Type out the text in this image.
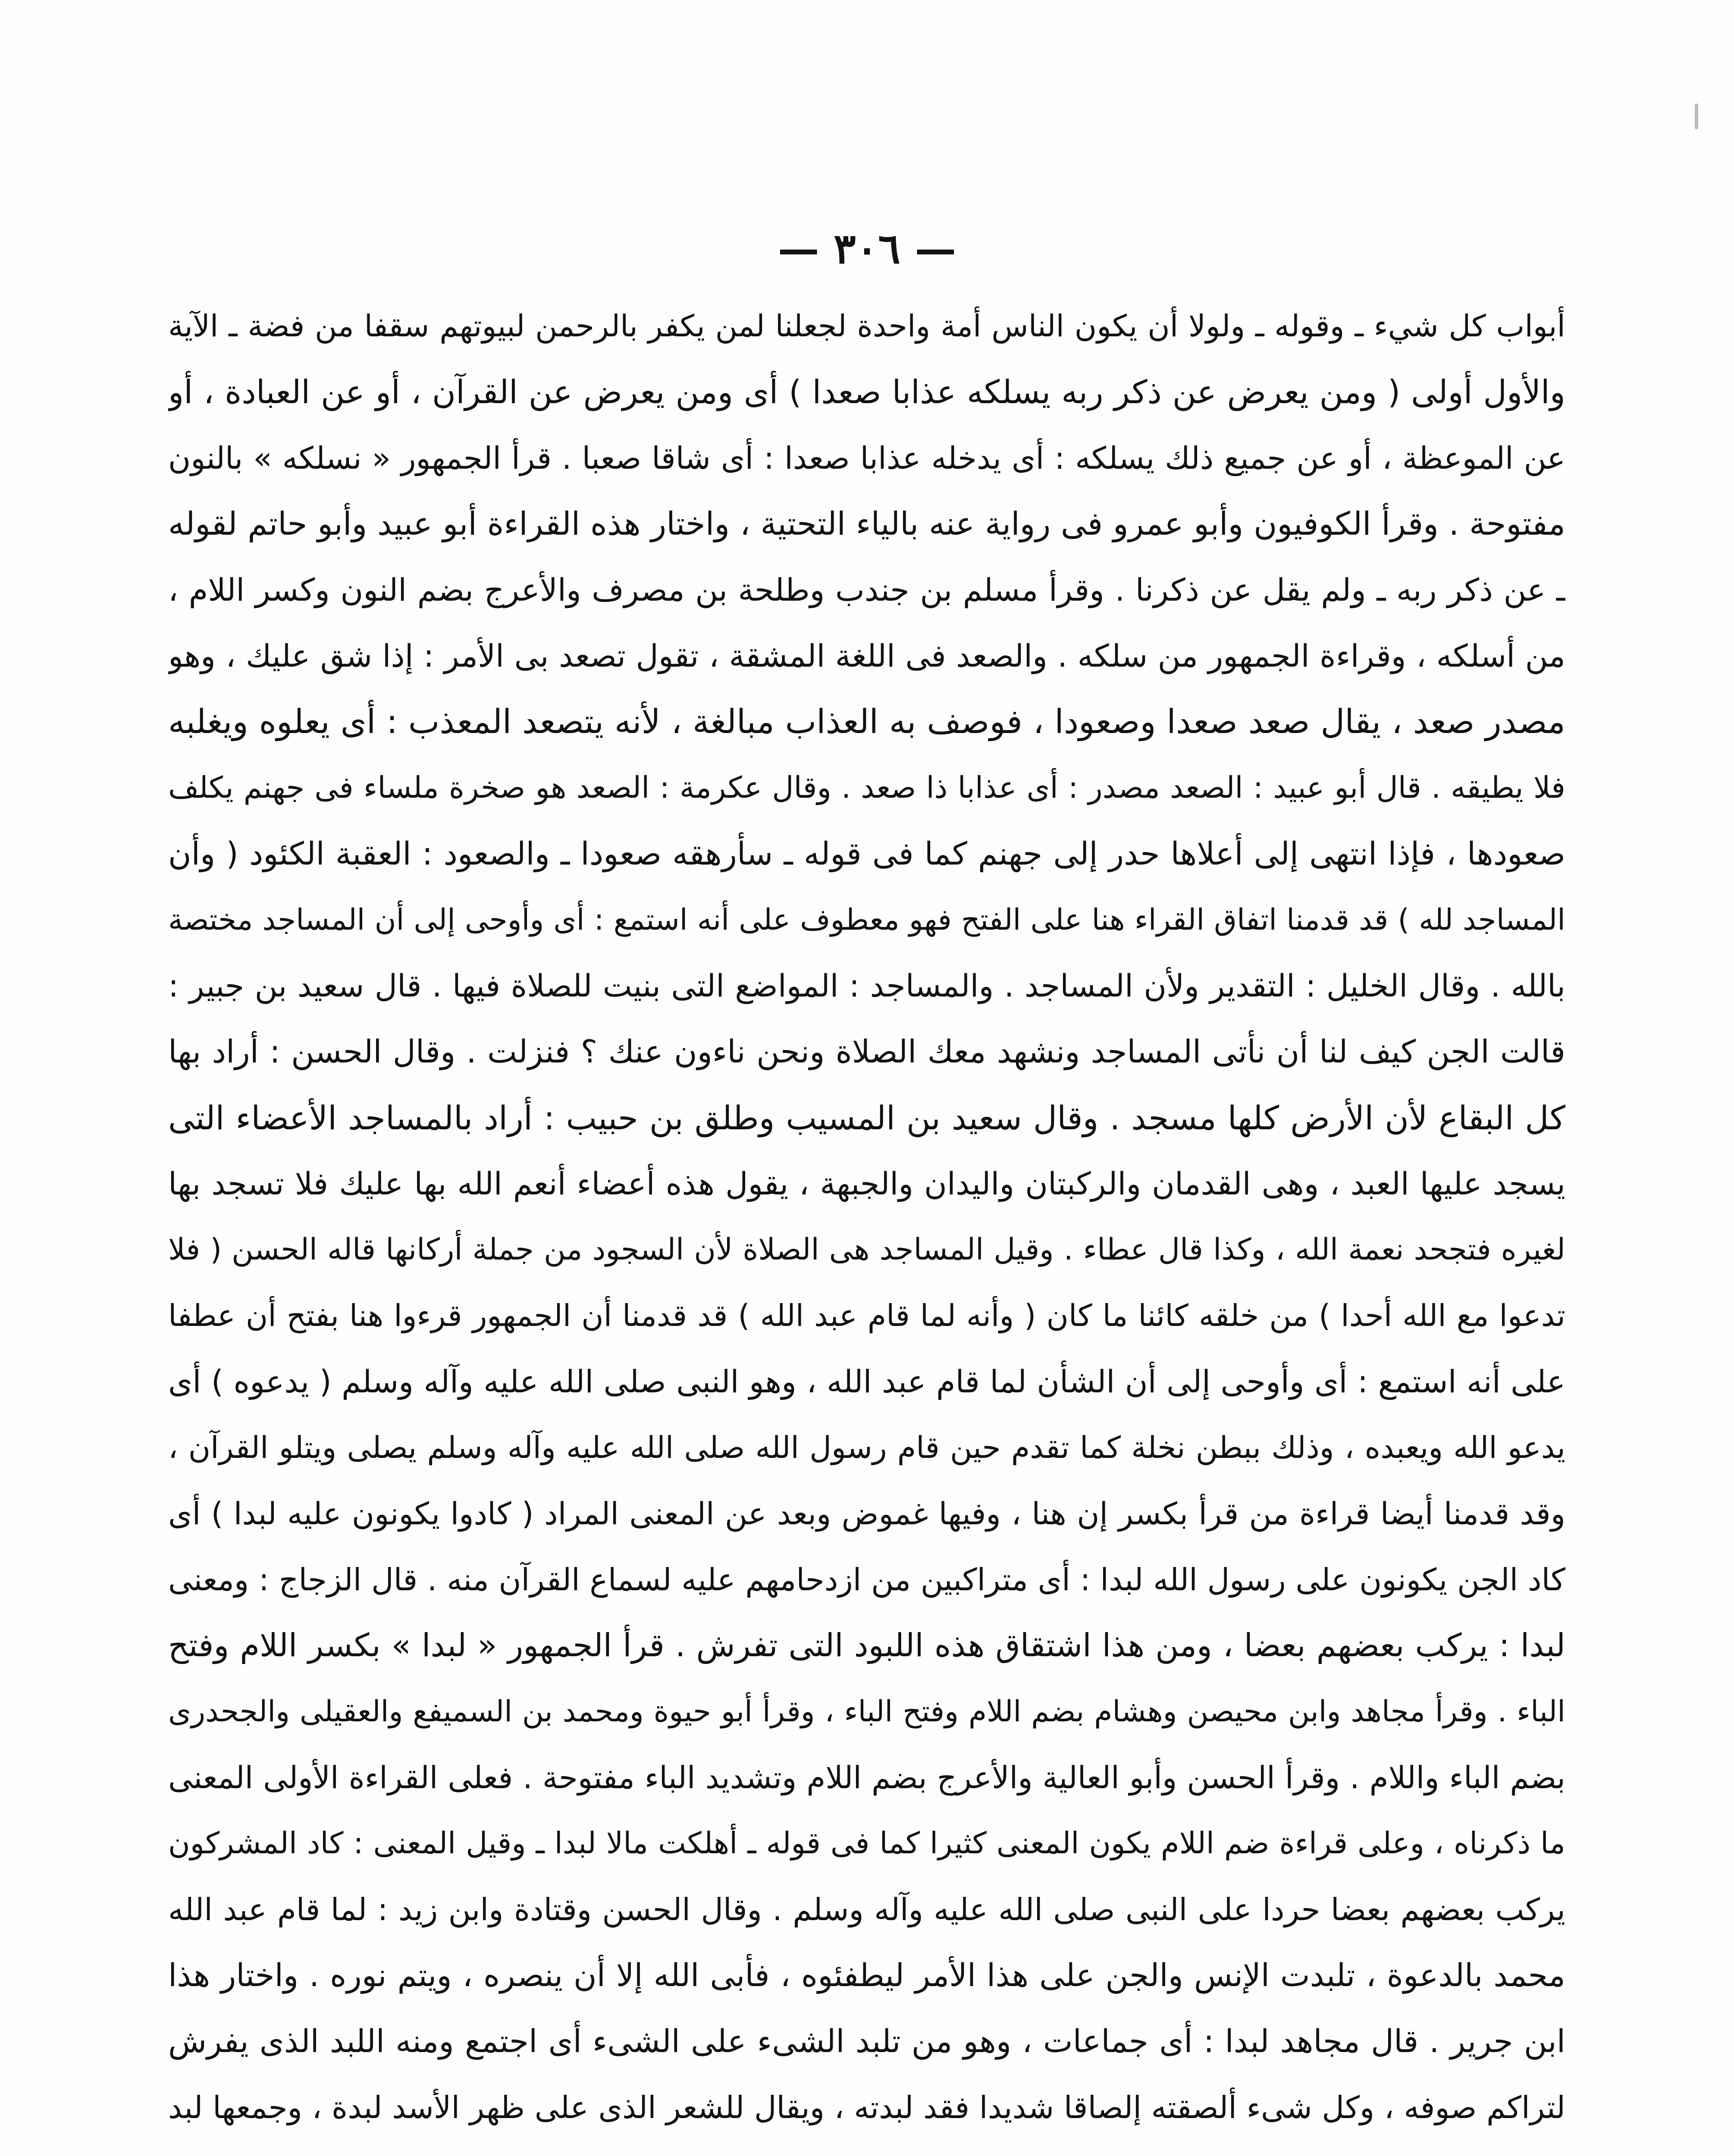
— ٣٠٦ —
أبواب كل شيء ـ وقوله ـ ولولا أن يكون الناس أمة واحدة لجعلنا لمن يكفر بالرحمن لبيوتهم سقفا من فضة ـ الآية
والأول أولى ( ومن يعرض عن ذكر ربه يسلكه عذابا صعدا ) أى ومن يعرض عن القرآن ، أو عن العبادة ، أو
عن الموعظة ، أو عن جميع ذلك يسلكه : أى يدخله عذابا صعدا : أى شاقا صعبا . قرأ الجمهور « نسلكه » بالنون
مفتوحة . وقرأ الكوفيون وأبو عمرو فى رواية عنه بالياء التحتية ، واختار هذه القراءة أبو عبيد وأبو حاتم لقوله
ـ عن ذكر ربه ـ ولم يقل عن ذكرنا . وقرأ مسلم بن جندب وطلحة بن مصرف والأعرج بضم النون وكسر اللام ،
من أسلكه ، وقراءة الجمهور من سلكه . والصعد فى اللغة المشقة ، تقول تصعد بى الأمر : إذا شق عليك ، وهو
مصدر صعد ، يقال صعد صعدا وصعودا ، فوصف به العذاب مبالغة ، لأنه يتصعد المعذب : أى يعلوه ويغلبه
فلا يطيقه . قال أبو عبيد : الصعد مصدر : أى عذابا ذا صعد . وقال عكرمة : الصعد هو صخرة ملساء فى جهنم يكلف
صعودها ، فإذا انتهى إلى أعلاها حدر إلى جهنم كما فى قوله ـ سأرهقه صعودا ـ والصعود : العقبة الكئود ( وأن
المساجد لله ) قد قدمنا اتفاق القراء هنا على الفتح فهو معطوف على أنه استمع : أى وأوحى إلى أن المساجد مختصة
بالله . وقال الخليل : التقدير ولأن المساجد . والمساجد : المواضع التى بنيت للصلاة فيها . قال سعيد بن جبير :
قالت الجن كيف لنا أن نأتى المساجد ونشهد معك الصلاة ونحن ناءون عنك ؟ فنزلت . وقال الحسن : أراد بها
كل البقاع لأن الأرض كلها مسجد . وقال سعيد بن المسيب وطلق بن حبيب : أراد بالمساجد الأعضاء التى
يسجد عليها العبد ، وهى القدمان والركبتان واليدان والجبهة ، يقول هذه أعضاء أنعم الله بها عليك فلا تسجد بها
لغيره فتجحد نعمة الله ، وكذا قال عطاء . وقيل المساجد هى الصلاة لأن السجود من جملة أركانها قاله الحسن ( فلا
تدعوا مع الله أحدا ) من خلقه كائنا ما كان ( وأنه لما قام عبد الله ) قد قدمنا أن الجمهور قرءوا هنا بفتح أن عطفا
على أنه استمع : أى وأوحى إلى أن الشأن لما قام عبد الله ، وهو النبى صلى الله عليه وآله وسلم ( يدعوه ) أى
يدعو الله ويعبده ، وذلك ببطن نخلة كما تقدم حين قام رسول الله صلى الله عليه وآله وسلم يصلى ويتلو القرآن ،
وقد قدمنا أيضا قراءة من قرأ بكسر إن هنا ، وفيها غموض وبعد عن المعنى المراد ( كادوا يكونون عليه لبدا ) أى
كاد الجن يكونون على رسول الله لبدا : أى متراكبين من ازدحامهم عليه لسماع القرآن منه . قال الزجاج : ومعنى
لبدا : يركب بعضهم بعضا ، ومن هذا اشتقاق هذه اللبود التى تفرش . قرأ الجمهور « لبدا » بكسر اللام وفتح
الباء . وقرأ مجاهد وابن محيصن وهشام بضم اللام وفتح الباء ، وقرأ أبو حيوة ومحمد بن السميفع والعقيلى والجحدرى
بضم الباء واللام . وقرأ الحسن وأبو العالية والأعرج بضم اللام وتشديد الباء مفتوحة . فعلى القراءة الأولى المعنى
ما ذكرناه ، وعلى قراءة ضم اللام يكون المعنى كثيرا كما فى قوله ـ أهلكت مالا لبدا ـ وقيل المعنى : كاد المشركون
يركب بعضهم بعضا حردا على النبى صلى الله عليه وآله وسلم . وقال الحسن وقتادة وابن زيد : لما قام عبد الله
محمد بالدعوة ، تلبدت الإنس والجن على هذا الأمر ليطفئوه ، فأبى الله إلا أن ينصره ، ويتم نوره . واختار هذا
ابن جرير . قال مجاهد لبدا : أى جماعات ، وهو من تلبد الشىء على الشىء أى اجتمع ومنه اللبد الذى يفرش
لتراكم صوفه ، وكل شىء ألصقته إلصاقا شديدا فقد لبدته ، ويقال للشعر الذى على ظهر الأسد لبدة ، وجمعها لبد
